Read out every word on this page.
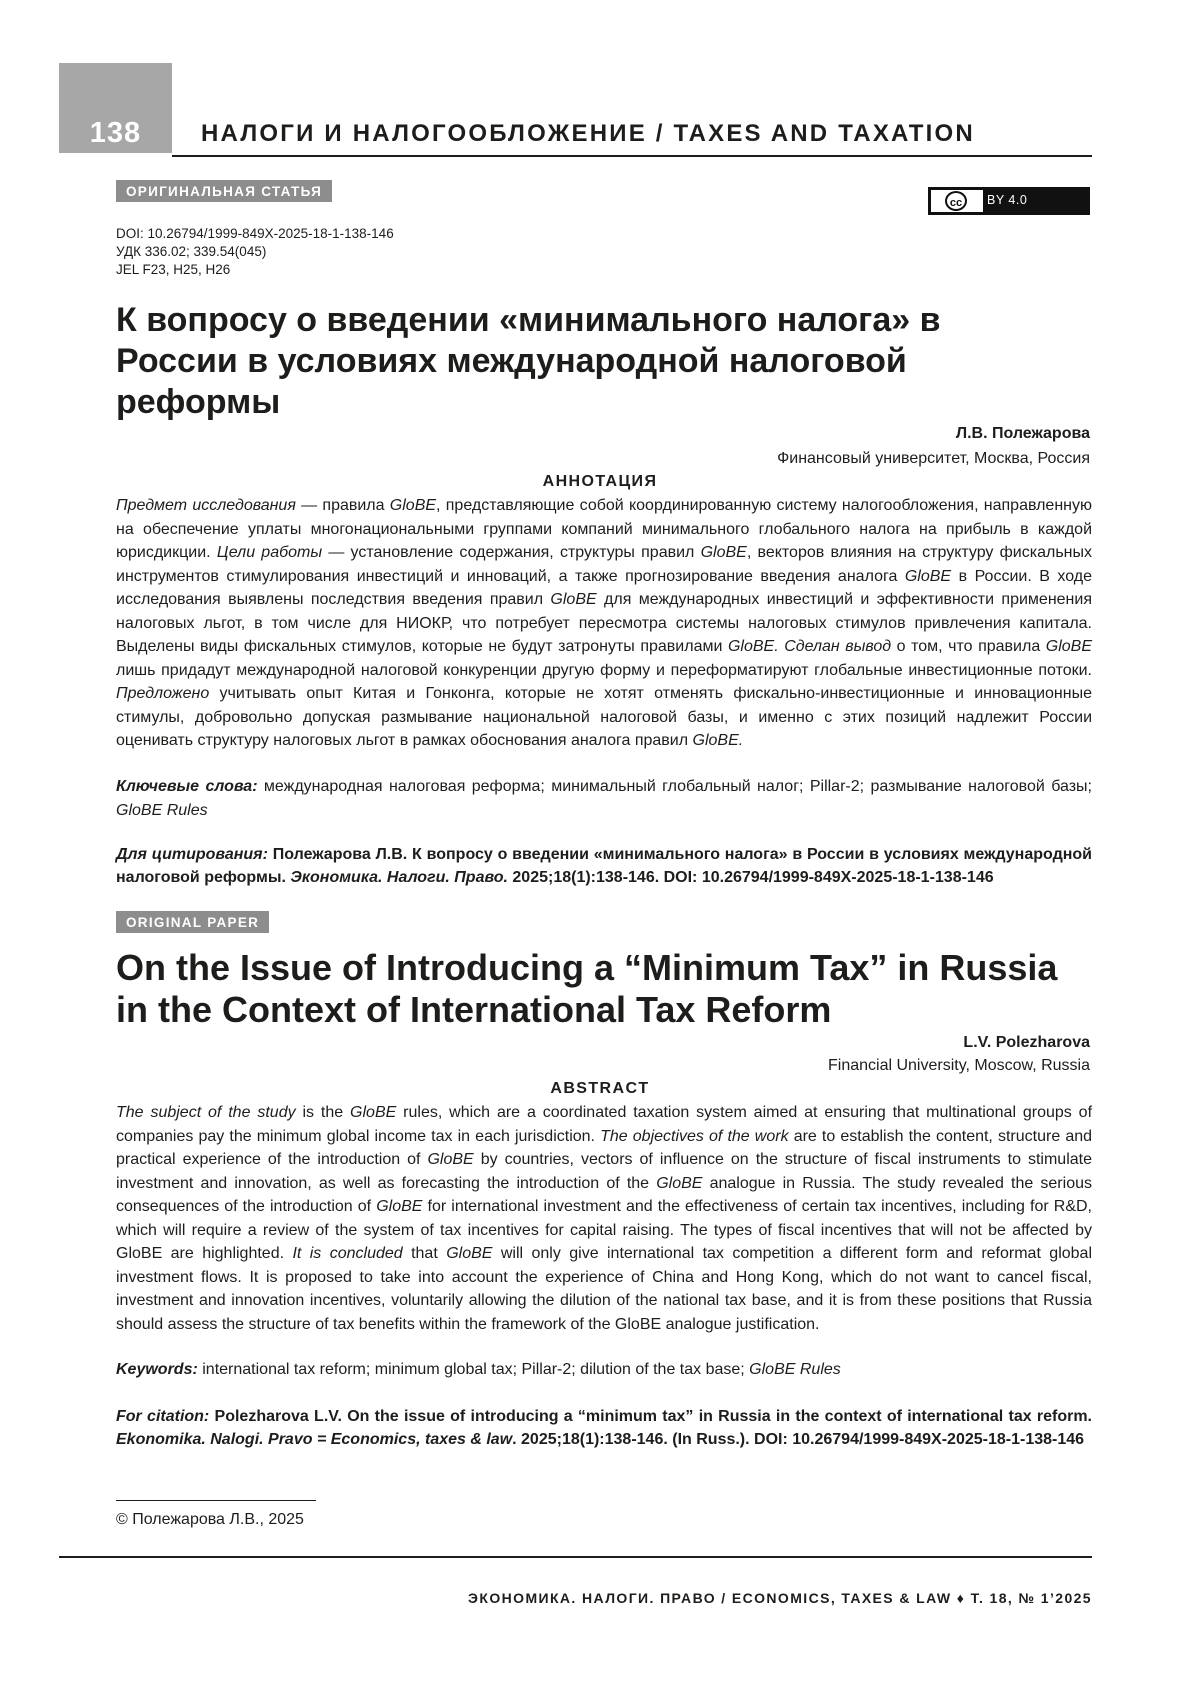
138	НАЛОГИ И НАЛОГООБЛОЖЕНИЕ / TAXES AND TAXATION
ОРИГИНАЛЬНАЯ СТАТЬЯ
cc	BY 4.0
DOI: 10.26794/1999-849X-2025-18-1-138-146
УДК 336.02; 339.54(045)
JEL F23, H25, H26
К вопросу о введении «минимального налога» в России в условиях международной налоговой реформы
Л.В. Полежарова
Финансовый университет, Москва, Россия
АННОТАЦИЯ
Предмет исследования — правила GloBE, представляющие собой координированную систему налогообложения, направленную на обеспечение уплаты многонациональными группами компаний минимального глобального налога на прибыль в каждой юрисдикции. Цели работы — установление содержания, структуры правил GloBE, векторов влияния на структуру фискальных инструментов стимулирования инвестиций и инноваций, а также прогнозирование введения аналога GloBE в России. В ходе исследования выявлены последствия введения правил GloBE для международных инвестиций и эффективности применения налоговых льгот, в том числе для НИОКР, что потребует пересмотра системы налоговых стимулов привлечения капитала. Выделены виды фискальных стимулов, которые не будут затронуты правилами GloBE. Сделан вывод о том, что правила GloBE лишь придадут международной налоговой конкуренции другую форму и переформатируют глобальные инвестиционные потоки. Предложено учитывать опыт Китая и Гонконга, которые не хотят отменять фискально-инвестиционные и инновационные стимулы, добровольно допуская размывание национальной налоговой базы, и именно с этих позиций надлежит России оценивать структуру налоговых льгот в рамках обоснования аналога правил GloBE.
Ключевые слова: международная налоговая реформа; минимальный глобальный налог; Pillar-2; размывание налоговой базы; GloBE Rules
Для цитирования: Полежарова Л.В. К вопросу о введении «минимального налога» в России в условиях международной налоговой реформы. Экономика. Налоги. Право. 2025;18(1):138-146. DOI: 10.26794/1999-849X-2025-18-1-138-146
ORIGINAL PAPER
On the Issue of Introducing a “Minimum Tax” in Russia in the Context of International Tax Reform
L.V. Polezharova
Financial University, Moscow, Russia
ABSTRACT
The subject of the study is the GloBE rules, which are a coordinated taxation system aimed at ensuring that multinational groups of companies pay the minimum global income tax in each jurisdiction. The objectives of the work are to establish the content, structure and practical experience of the introduction of GloBE by countries, vectors of influence on the structure of fiscal instruments to stimulate investment and innovation, as well as forecasting the introduction of the GloBE analogue in Russia. The study revealed the serious consequences of the introduction of GloBE for international investment and the effectiveness of certain tax incentives, including for R&D, which will require a review of the system of tax incentives for capital raising. The types of fiscal incentives that will not be affected by GloBE are highlighted. It is concluded that GloBE will only give international tax competition a different form and reformat global investment flows. It is proposed to take into account the experience of China and Hong Kong, which do not want to cancel fiscal, investment and innovation incentives, voluntarily allowing the dilution of the national tax base, and it is from these positions that Russia should assess the structure of tax benefits within the framework of the GloBE analogue justification.
Keywords: international tax reform; minimum global tax; Pillar-2; dilution of the tax base; GloBE Rules
For citation: Polezharova L.V. On the issue of introducing a “minimum tax” in Russia in the context of international tax reform. Ekonomika. Nalogi. Pravo = Economics, taxes & law. 2025;18(1):138-146. (In Russ.). DOI: 10.26794/1999-849X-2025-18-1-138-146
© Полежарова Л.В., 2025
ЭКОНОМИКА. НАЛОГИ. ПРАВО / ECONOMICS, TAXES & LAW ♦ Т. 18, № 1’2025
